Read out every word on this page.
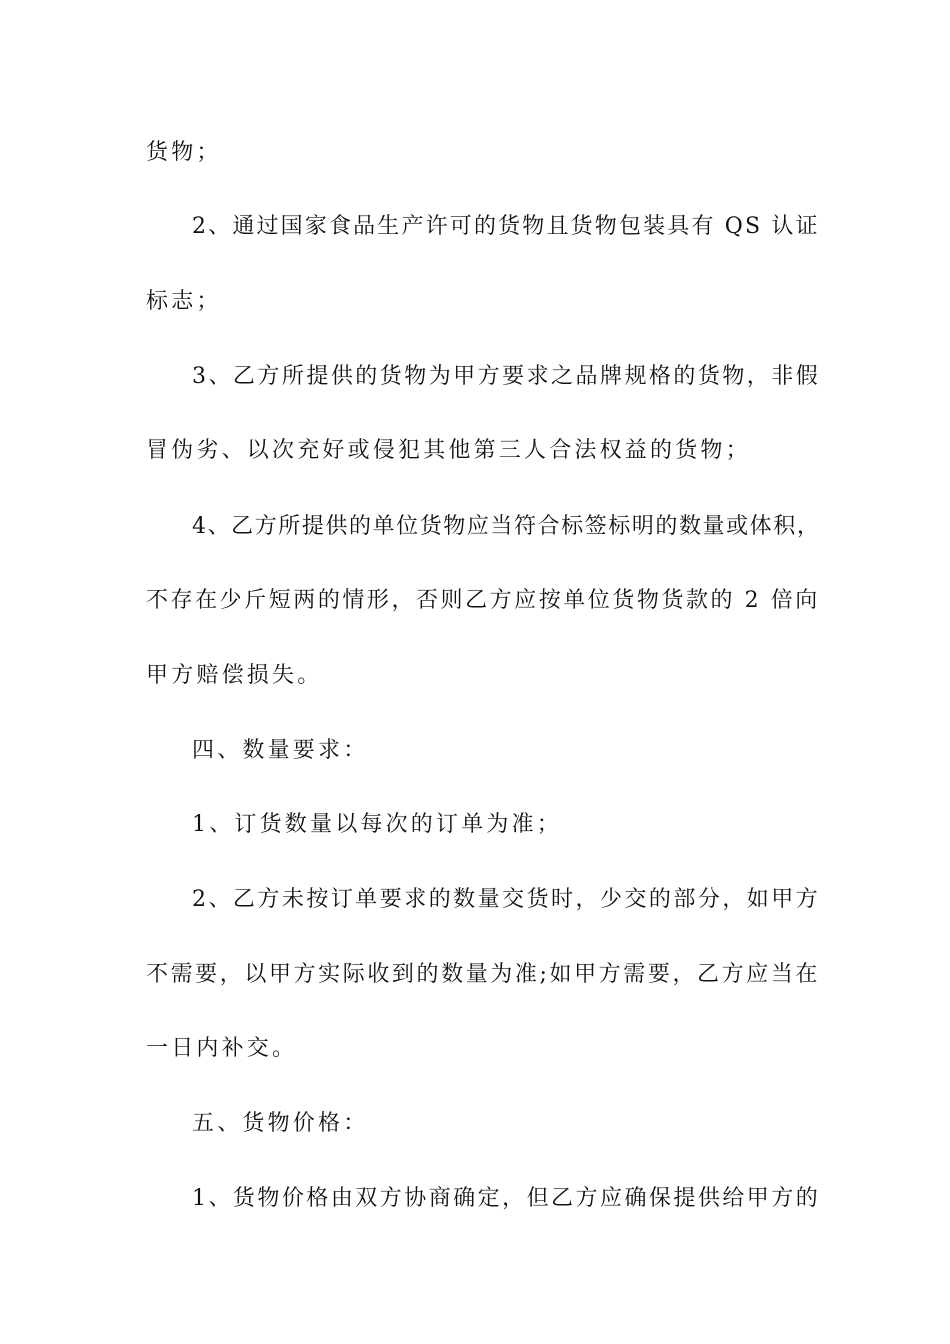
货物；
2、通过国家食品生产许可的货物且货物包装具有 QS 认证
标志；
3、乙方所提供的货物为甲方要求之品牌规格的货物，非假
冒伪劣、以次充好或侵犯其他第三人合法权益的货物；
4、乙方所提供的单位货物应当符合标签标明的数量或体积，
不存在少斤短两的情形，否则乙方应按单位货物货款的 2 倍向
甲方赔偿损失。
四、数量要求：
1、订货数量以每次的订单为准；
2、乙方未按订单要求的数量交货时，少交的部分，如甲方
不需要，以甲方实际收到的数量为准;如甲方需要，乙方应当在
一日内补交。
五、货物价格：
1、货物价格由双方协商确定，但乙方应确保提供给甲方的
